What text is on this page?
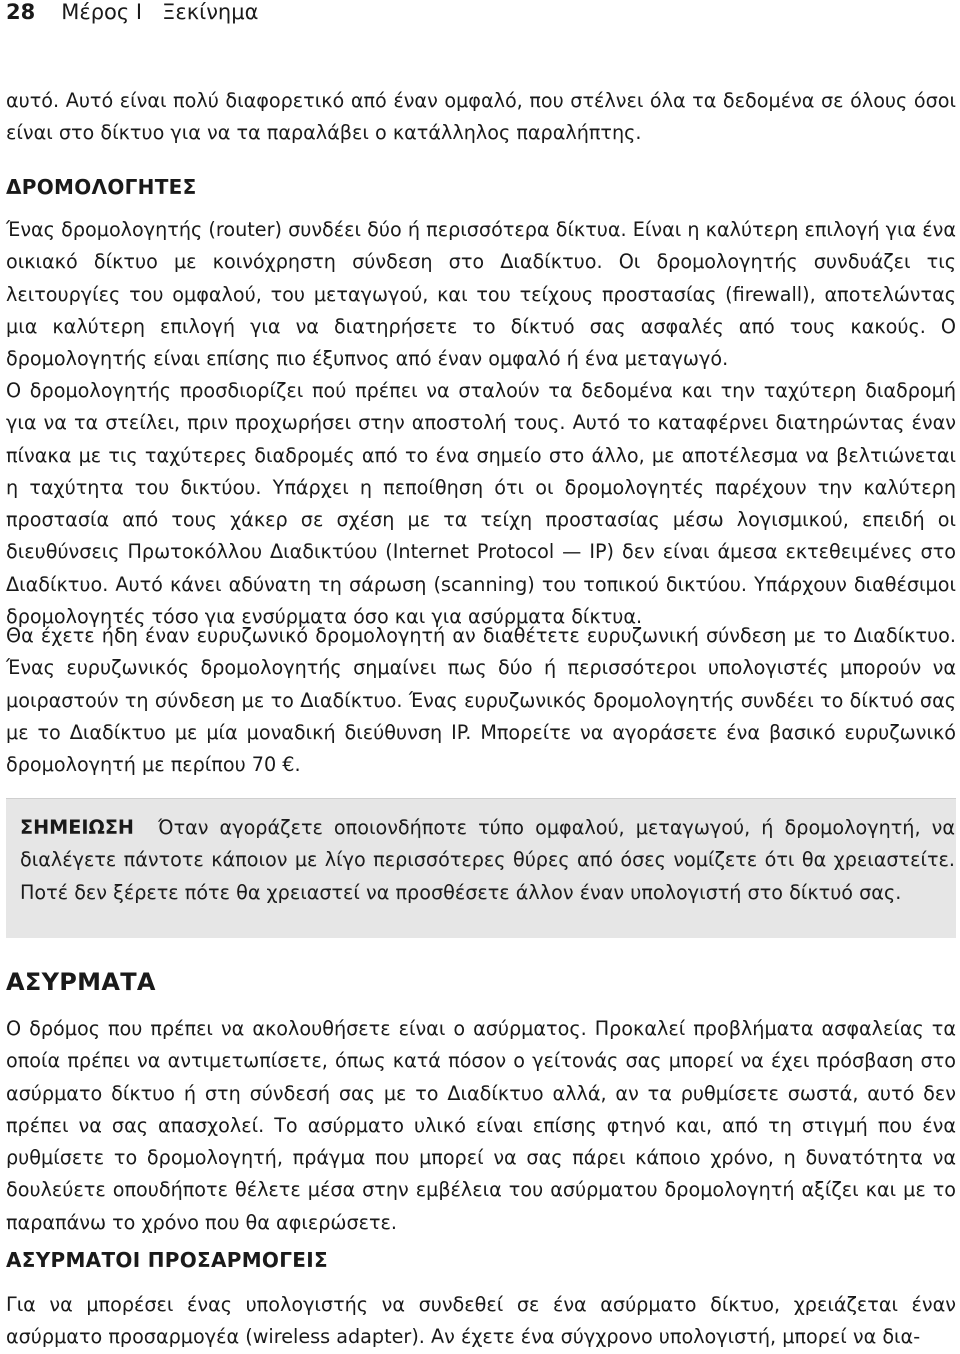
28 Μέρος I   Ξεκίνημα

αυτό. Αυτό είναι πολύ διαφορετικό από έναν ομφαλό, που στέλνει όλα τα δεδομένα σε όλους όσοι είναι στο δίκτυο για να τα παραλάβει ο κατάλληλος παραλήπτης.

ΔΡΟΜΟΛΟΓΗΤΕΣ

Ένας δρομολογητής (router) συνδέει δύο ή περισσότερα δίκτυα. Είναι η καλύτερη επιλογή για ένα οικιακό δίκτυο με κοινόχρηστη σύνδεση στο Διαδίκτυο. Οι δρομολογητής συνδυάζει τις λειτουργίες του ομφαλού, του μεταγωγού, και του τείχους προστασίας (firewall), αποτελώντας μια καλύτερη επιλογή για να διατηρήσετε το δίκτυό σας ασφαλές από τους κακούς. Ο δρομολογητής είναι επίσης πιο έξυπνος από έναν ομφαλό ή ένα μεταγωγό.

Ο δρομολογητής προσδιορίζει πού πρέπει να σταλούν τα δεδομένα και την ταχύτερη διαδρομή για να τα στείλει, πριν προχωρήσει στην αποστολή τους. Αυτό το καταφέρνει διατηρώντας έναν πίνακα με τις ταχύτερες διαδρομές από το ένα σημείο στο άλλο, με αποτέλεσμα να βελτιώνεται η ταχύτητα του δικτύου. Υπάρχει η πεποίθηση ότι οι δρομολογητές παρέχουν την καλύτερη προστασία από τους χάκερ σε σχέση με τα τείχη προστασίας μέσω λογισμικού, επειδή οι διευθύνσεις Πρωτοκόλλου Διαδικτύου (Internet Protocol — IP) δεν είναι άμεσα εκτεθειμένες στο Διαδίκτυο. Αυτό κάνει αδύνατη τη σάρωση (scanning) του τοπικού δικτύου. Υπάρχουν διαθέσιμοι δρομολογητές τόσο για ενσύρματα όσο και για ασύρματα δίκτυα.

Θα έχετε ήδη έναν ευρυζωνικό δρομολογητή αν διαθέτετε ευρυζωνική σύνδεση με το Διαδίκτυο. Ένας ευρυζωνικός δρομολογητής σημαίνει πως δύο ή περισσότεροι υπολογιστές μπορούν να μοιραστούν τη σύνδεση με το Διαδίκτυο. Ένας ευρυζωνικός δρομολογητής συνδέει το δίκτυό σας με το Διαδίκτυο με μία μοναδική διεύθυνση IP. Μπορείτε να αγοράσετε ένα βασικό ευρυζωνικό δρομολογητή με περίπου 70 €.

ΣΗΜΕΙΩΣΗ Όταν αγοράζετε οποιονδήποτε τύπο ομφαλού, μεταγωγού, ή δρομολογητή, να διαλέγετε πάντοτε κάποιον με λίγο περισσότερες θύρες από όσες νομίζετε ότι θα χρειαστείτε. Ποτέ δεν ξέρετε πότε θα χρειαστεί να προσθέσετε άλλον έναν υπολογιστή στο δίκτυό σας.

ΑΣΥΡΜΑΤΑ

Ο δρόμος που πρέπει να ακολουθήσετε είναι ο ασύρματος. Προκαλεί προβλήματα ασφαλείας τα οποία πρέπει να αντιμετωπίσετε, όπως κατά πόσον ο γείτονάς σας μπορεί να έχει πρόσβαση στο ασύρματο δίκτυο ή στη σύνδεσή σας με το Διαδίκτυο αλλά, αν τα ρυθμίσετε σωστά, αυτό δεν πρέπει να σας απασχολεί. Το ασύρματο υλικό είναι επίσης φτηνό και, από τη στιγμή που ένα ρυθμίσετε το δρομολογητή, πράγμα που μπορεί να σας πάρει κάποιο χρόνο, η δυνατότητα να δουλεύετε οπουδήποτε θέλετε μέσα στην εμβέλεια του ασύρματου δρομολογητή αξίζει και με το παραπάνω το χρόνο που θα αφιερώσετε.

ΑΣΥΡΜΑΤΟΙ ΠΡΟΣΑΡΜΟΓΕΙΣ

Για να μπορέσει ένας υπολογιστής να συνδεθεί σε ένα ασύρματο δίκτυο, χρειάζεται έναν ασύρματο προσαρμογέα (wireless adapter). Αν έχετε ένα σύγχρονο υπολογιστή, μπορεί να δια-
